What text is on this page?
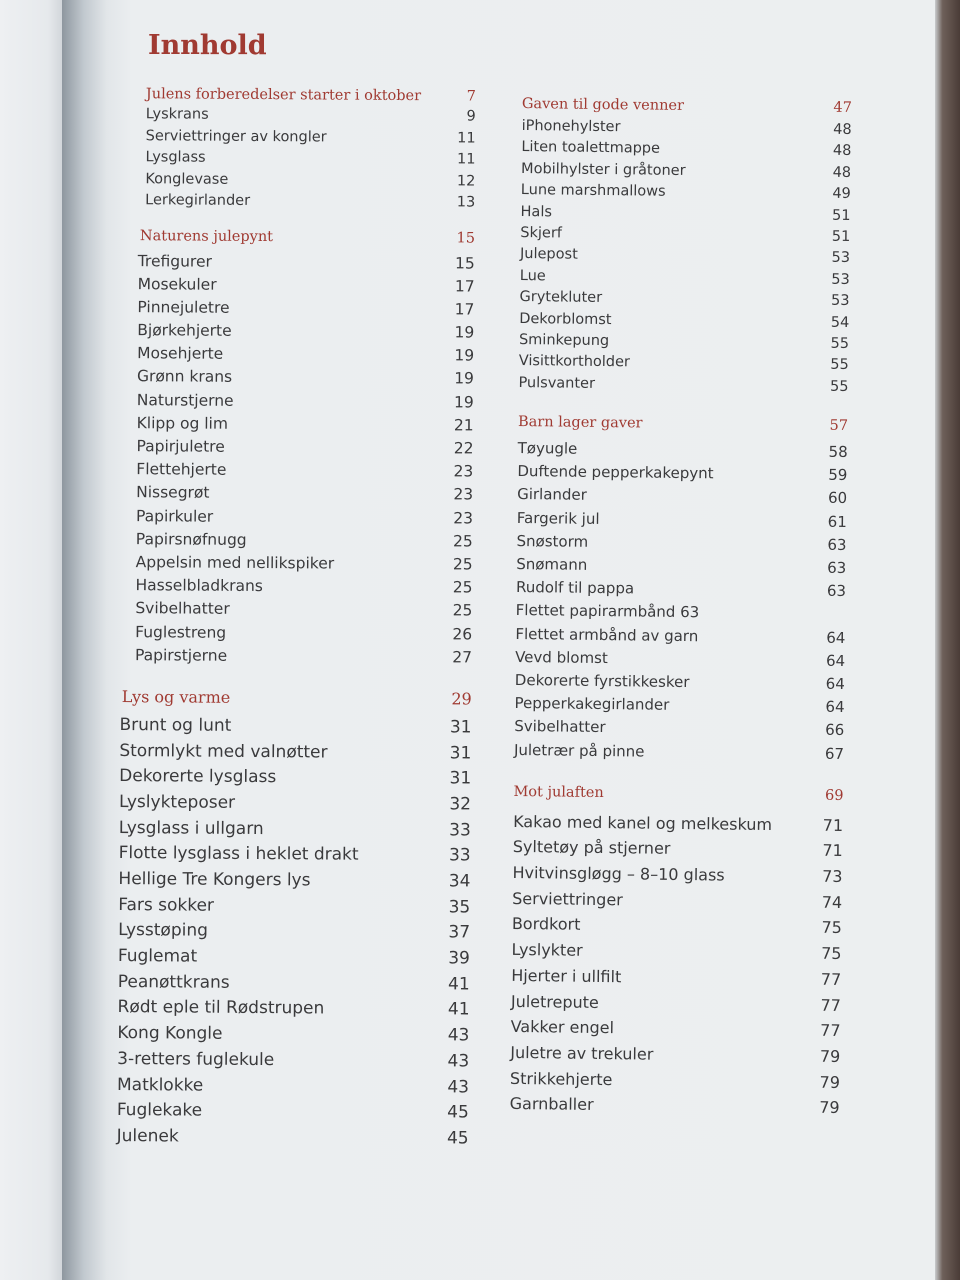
Innhold
Julens forberedelser starter i oktober	7
Lyskrans	9
Serviettringer av kongler	11
Lysglass	11
Konglevase	12
Lerkegirlander	13
Naturens julepynt	15
Trefigurer	15
Mosekuler	17
Pinnejuletre	17
Bjørkehjerte	19
Mosehjerte	19
Grønn krans	19
Naturstjerne	19
Klipp og lim	21
Papirjuletre	22
Flettehjerte	23
Nissegrøt	23
Papirkuler	23
Papirsnøfnugg	25
Appelsin med nellikspiker	25
Hasselbladkrans	25
Svibelhatter	25
Fuglestreng	26
Papirstjerne	27
Lys og varme	29
Brunt og lunt	31
Stormlykt med valnøtter	31
Dekorerte lysglass	31
Lyslykteposer	32
Lysglass i ullgarn	33
Flotte lysglass i heklet drakt	33
Hellige Tre Kongers lys	34
Fars sokker	35
Lysstøping	37
Fuglemat	39
Peanøttkrans	41
Rødt eple til Rødstrupen	41
Kong Kongle	43
3-retters fuglekule	43
Matklokke	43
Fuglekake	45
Julenek	45
Gaven til gode venner	47
iPhonehylster	48
Liten toalettmappe	48
Mobilhylster i gråtoner	48
Lune marshmallows	49
Hals	51
Skjerf	51
Julepost	53
Lue	53
Grytekluter	53
Dekorblomst	54
Sminkepung	55
Visittkortholder	55
Pulsvanter	55
Barn lager gaver	57
Tøyugle	58
Duftende pepperkakepynt	59
Girlander	60
Fargerik jul	61
Snøstorm	63
Snømann	63
Rudolf til pappa	63
Flettet papirarmbånd 63
Flettet armbånd av garn	64
Vevd blomst	64
Dekorerte fyrstikkesker	64
Pepperkakegirlander	64
Svibelhatter	66
Juletrær på pinne	67
Mot julaften	69
Kakao med kanel og melkeskum	71
Syltetøy på stjerner	71
Hvitvinsgløgg – 8–10 glass	73
Serviettringer	74
Bordkort	75
Lyslykter	75
Hjerter i ullfilt	77
Juletrepute	77
Vakker engel	77
Juletre av trekuler	79
Strikkehjerte	79
Garnballer	79
